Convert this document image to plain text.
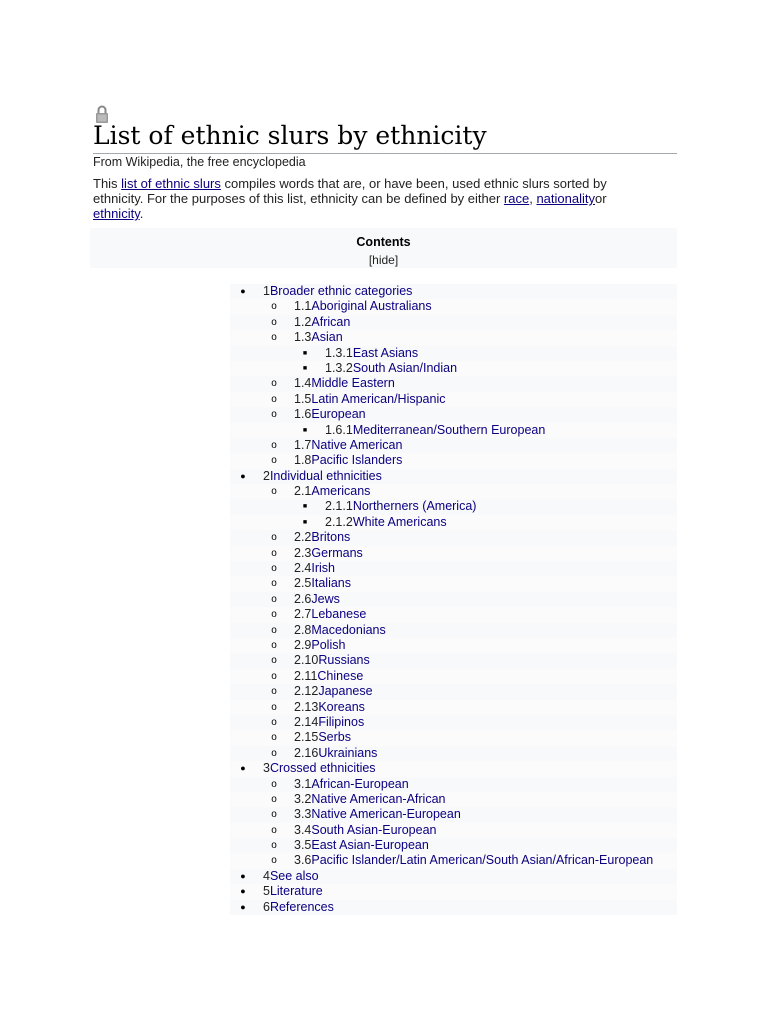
List of ethnic slurs by ethnicity
From Wikipedia, the free encyclopedia
This list of ethnic slurs compiles words that are, or have been, used ethnic slurs sorted by ethnicity. For the purposes of this list, ethnicity can be defined by either race, nationalityor ethnicity.
Contents
[hide]
● 1Broader ethnic categories
o 1.1Aboriginal Australians
o 1.2African
o 1.3Asian
■	1.3.1East Asians
■	1.3.2South Asian/Indian
o 1.4Middle Eastern
o 1.5Latin American/Hispanic
o 1.6European
■	1.6.1Mediterranean/Southern European
o 1.7Native American
o 1.8Pacific Islanders
● 2Individual ethnicities
o 2.1Americans
■	2.1.1Northerners (America)
■	2.1.2White Americans
o 2.2Britons
o 2.3Germans
o 2.4Irish
o 2.5Italians
o 2.6Jews
o 2.7Lebanese
o 2.8Macedonians
o 2.9Polish
o 2.10Russians
o 2.11Chinese
o 2.12Japanese
o 2.13Koreans
o 2.14Filipinos
o 2.15Serbs
o 2.16Ukrainians
● 3Crossed ethnicities
o 3.1African-European
o 3.2Native American-African
o 3.3Native American-European
o 3.4South Asian-European
o 3.5East Asian-European
o 3.6Pacific Islander/Latin American/South Asian/African-European
● 4See also
● 5Literature
● 6References
